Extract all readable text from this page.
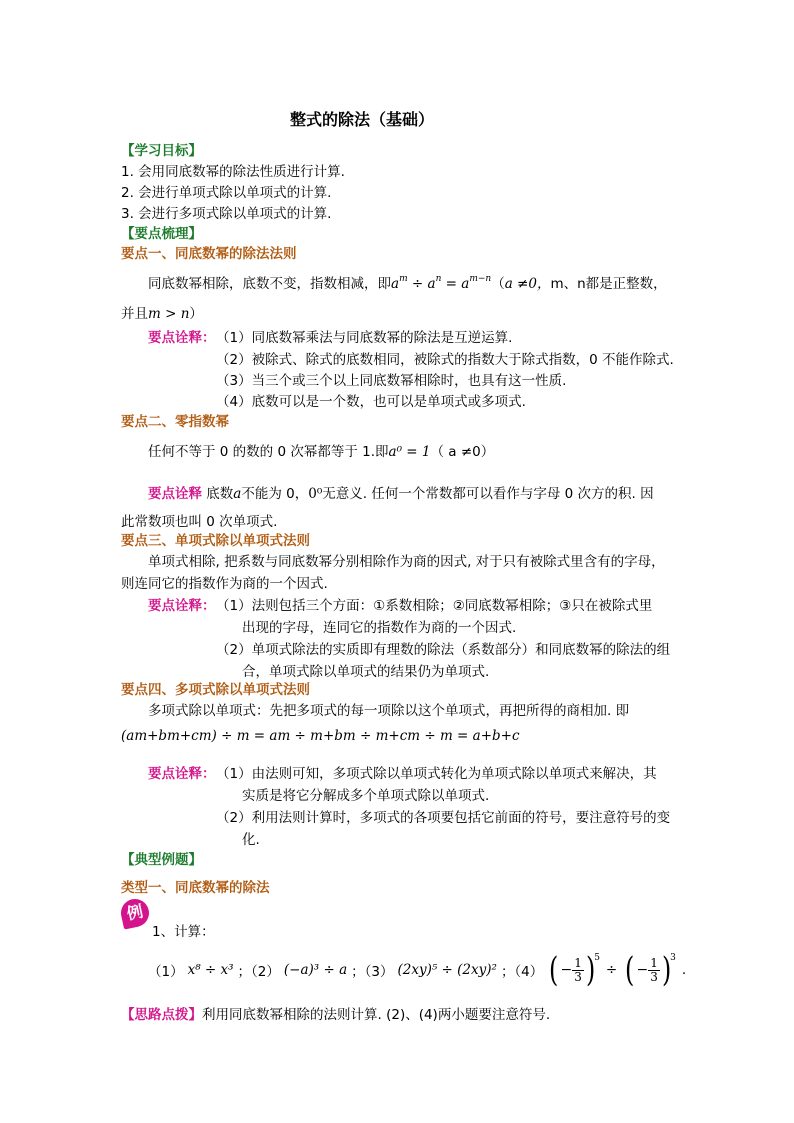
整式的除法（基础）
【学习目标】
1. 会用同底数幂的除法性质进行计算.
2. 会进行单项式除以单项式的计算.
3. 会进行多项式除以单项式的计算.
【要点梳理】
要点一、同底数幂的除法法则
同底数幂相除，底数不变，指数相减，即$a^m \div a^n = a^{m-n}(a \ne 0$，m、n都是正整数，
并且m > n）
要点诠释： （1）同底数幂乘法与同底数幂的除法是互逆运算.
（2）被除式、除式的底数相同，被除式的指数大于除式指数，0 不能作除式.
（3）当三个或三个以上同底数幂相除时，也具有这一性质.
（4）底数可以是一个数，也可以是单项式或多项式.
要点二、零指数幂
任何不等于 0 的数的 0 次幂都等于 1.即a⁰ = 1（ a ≠0）
要点诠释 底数a不能为 0，0⁰无意义. 任何一个常数都可以看作与字母 0 次方的积. 因
此常数项也叫 0 次单项式.
要点三、单项式除以单项式法则
单项式相除, 把系数与同底数幂分别相除作为商的因式, 对于只有被除式里含有的字母，
则连同它的指数作为商的一个因式.
要点诠释： （1）法则包括三个方面：①系数相除；②同底数幂相除；③只在被除式里
出现的字母，连同它的指数作为商的一个因式.
（2）单项式除法的实质即有理数的除法（系数部分）和同底数幂的除法的组
合，单项式除以单项式的结果仍为单项式.
要点四、多项式除以单项式法则
多项式除以单项式：先把多项式的每一项除以这个单项式，再把所得的商相加. 即
(am+bm+cm) ÷ m = am ÷ m+bm ÷ m+cm ÷ m = a+b+c
要点诠释： （1）由法则可知，多项式除以单项式转化为单项式除以单项式来解决，其
实质是将它分解成多个单项式除以单项式.
（2）利用法则计算时，多项式的各项要包括它前面的符号，要注意符号的变
化.
【典型例题】
类型一、同底数幂的除法
例
1、计算：
（1） x⁸ ÷ x³ ；（2） (−a)³ ÷ a ；（3） (2xy)⁵ ÷ (2xy)² ；（4） ( − $\frac{1}{3}$ )
5
÷ ( − $\frac{1}{3}$ )
3
.
【思路点拨】利用同底数幂相除的法则计算. (2)、(4)两小题要注意符号.
